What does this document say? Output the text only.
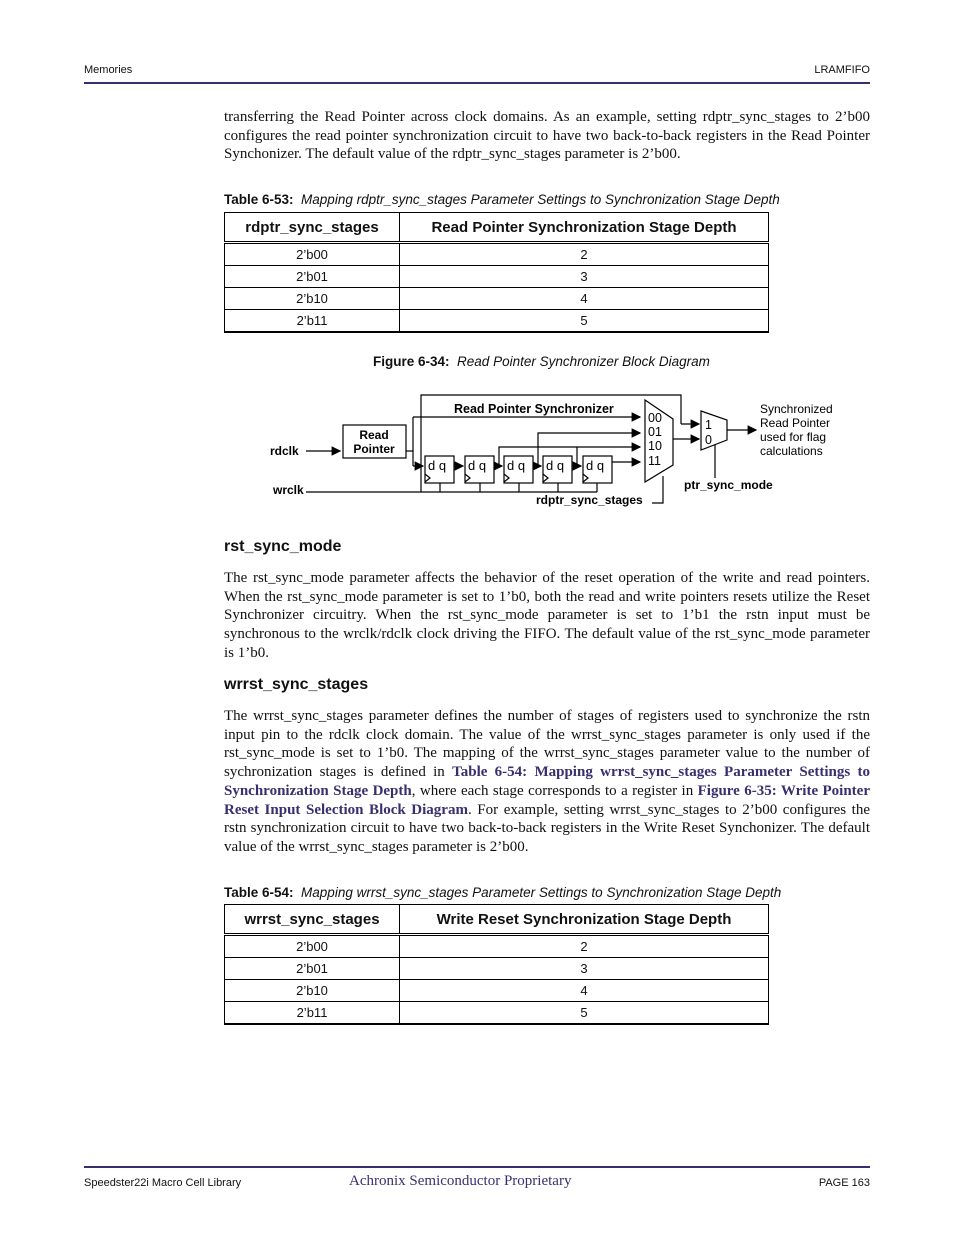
Memories	LRAMFIFO

transferring the Read Pointer across clock domains. As an example, setting rdptr_sync_stages to 2’b00 configures the read pointer synchronization circuit to have two back-to-back registers in the Read Pointer Synchonizer. The default value of the rdptr_sync_stages parameter is 2’b00.

Table 6-53: Mapping rdptr_sync_stages Parameter Settings to Synchronization Stage Depth
rdptr_sync_stages	Read Pointer Synchronization Stage Depth
2’b00	2
2’b01	3
2’b10	4
2’b11	5
Figure 6-34: Read Pointer Synchronizer Block Diagram
Read Pointer Synchronizer
Read
Pointer
rdclk
wrclk
d q d q d q d q d q
00
01
10
11
1
0
rdptr_sync_stages
ptr_sync_mode
Synchronized
Read Pointer
used for flag
calculations
rst_sync_mode

The rst_sync_mode parameter affects the behavior of the reset operation of the write and read pointers. When the rst_sync_mode parameter is set to 1’b0, both the read and write pointers resets utilize the Reset Synchronizer circuitry. When the rst_sync_mode parameter is set to 1’b1 the rstn input must be synchronous to the wrclk/rdclk clock driving the FIFO. The default value of the rst_sync_mode parameter is 1’b0.

wrrst_sync_stages

The wrrst_sync_stages parameter defines the number of stages of registers used to synchronize the rstn input pin to the rdclk clock domain. The value of the wrrst_sync_stages parameter is only used if the rst_sync_mode is set to 1’b0. The mapping of the wrrst_sync_stages parameter value to the number of sychronization stages is defined in Table 6-54: Mapping wrrst_sync_stages Parameter Settings to Synchronization Stage Depth, where each stage corresponds to a register in Figure 6-35: Write Pointer Reset Input Selection Block Diagram. For example, setting wrrst_sync_stages to 2’b00 configures the rstn synchronization circuit to have two back-to-back registers in the Write Reset Synchonizer. The default value of the wrrst_sync_stages parameter is 2’b00.

Table 6-54: Mapping wrrst_sync_stages Parameter Settings to Synchronization Stage Depth
wrrst_sync_stages	Write Reset Synchronization Stage Depth
2’b00	2
2’b01	3
2’b10	4
2’b11	5
Speedster22i Macro Cell Library	Achronix Semiconductor Proprietary	PAGE 163
